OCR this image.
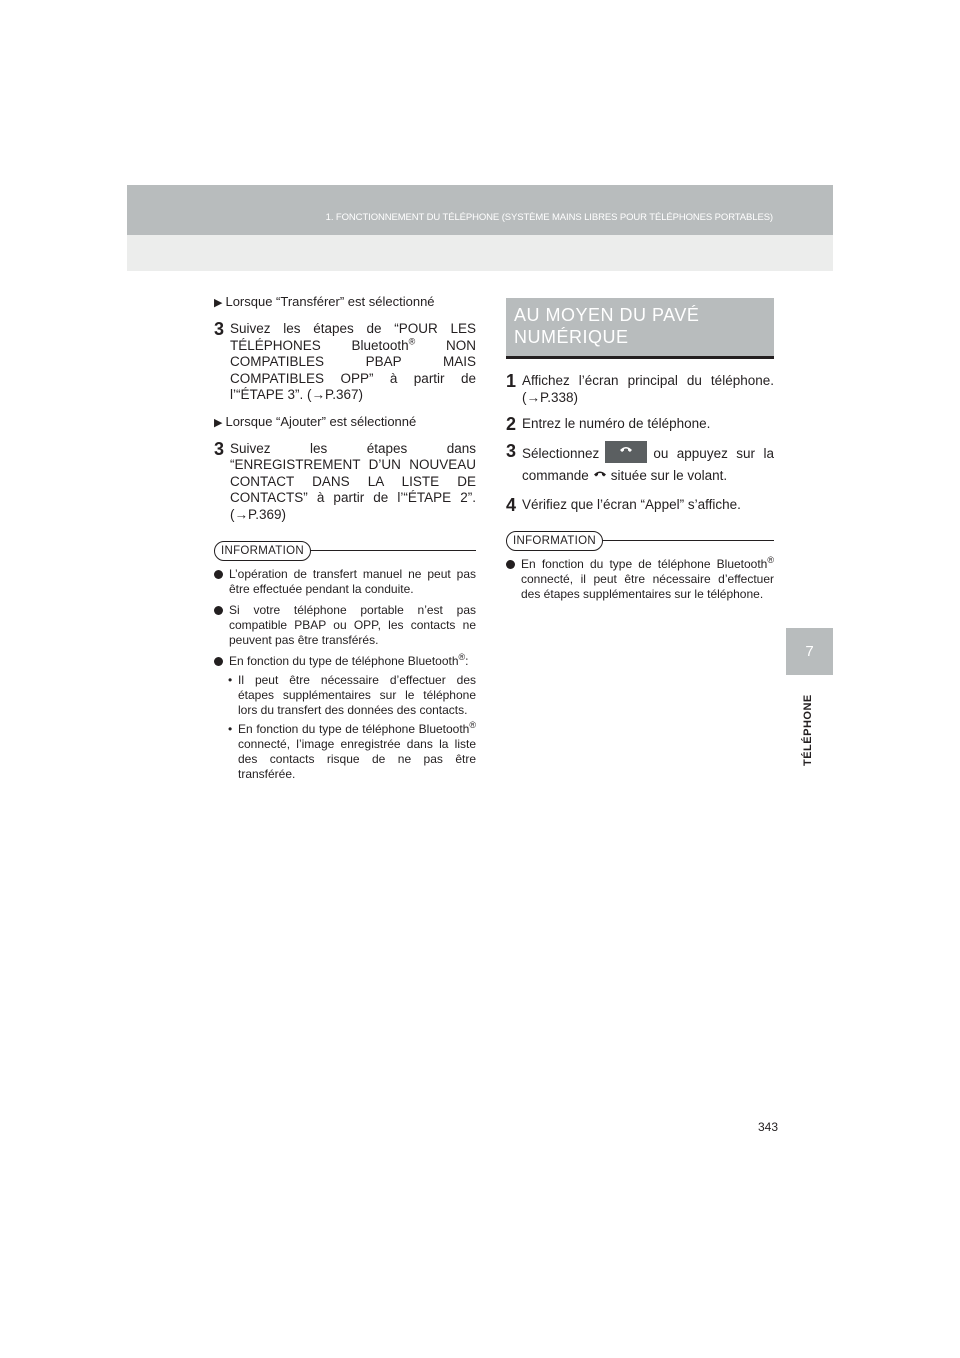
1. FONCTIONNEMENT DU TÉLÉPHONE (SYSTÈME MAINS LIBRES POUR TÉLÉPHONES PORTABLES)
7
TÉLÉPHONE
▶ Lorsque “Transférer” est sélectionné
3 Suivez les étapes de “POUR LES TÉLÉPHONES Bluetooth® NON COMPATIBLES PBAP MAIS COMPATIBLES OPP” à partir de l’“ÉTAPE 3”. (→P.367)
▶ Lorsque “Ajouter” est sélectionné
3 Suivez les étapes dans “ENREGISTREMENT D’UN NOUVEAU CONTACT DANS LA LISTE DE CONTACTS” à partir de l’“ÉTAPE 2”. (→P.369)
INFORMATION
L’opération de transfert manuel ne peut pas être effectuée pendant la conduite.
Si votre téléphone portable n’est pas compatible PBAP ou OPP, les contacts ne peuvent pas être transférés.
En fonction du type de téléphone Bluetooth®:
• Il peut être nécessaire d’effectuer des étapes supplémentaires sur le téléphone lors du transfert des données des contacts.
• En fonction du type de téléphone Bluetooth® connecté, l’image enregistrée dans la liste des contacts risque de ne pas être transférée.
AU MOYEN DU PAVÉ NUMÉRIQUE
1 Affichez l’écran principal du téléphone. (→P.338)
2 Entrez le numéro de téléphone.
3 Sélectionnez	ou appuyez sur la commande située sur le volant.
4 Vérifiez que l’écran “Appel” s’affiche.
INFORMATION
En fonction du type de téléphone Bluetooth® connecté, il peut être nécessaire d’effectuer des étapes supplémentaires sur le téléphone.
343
